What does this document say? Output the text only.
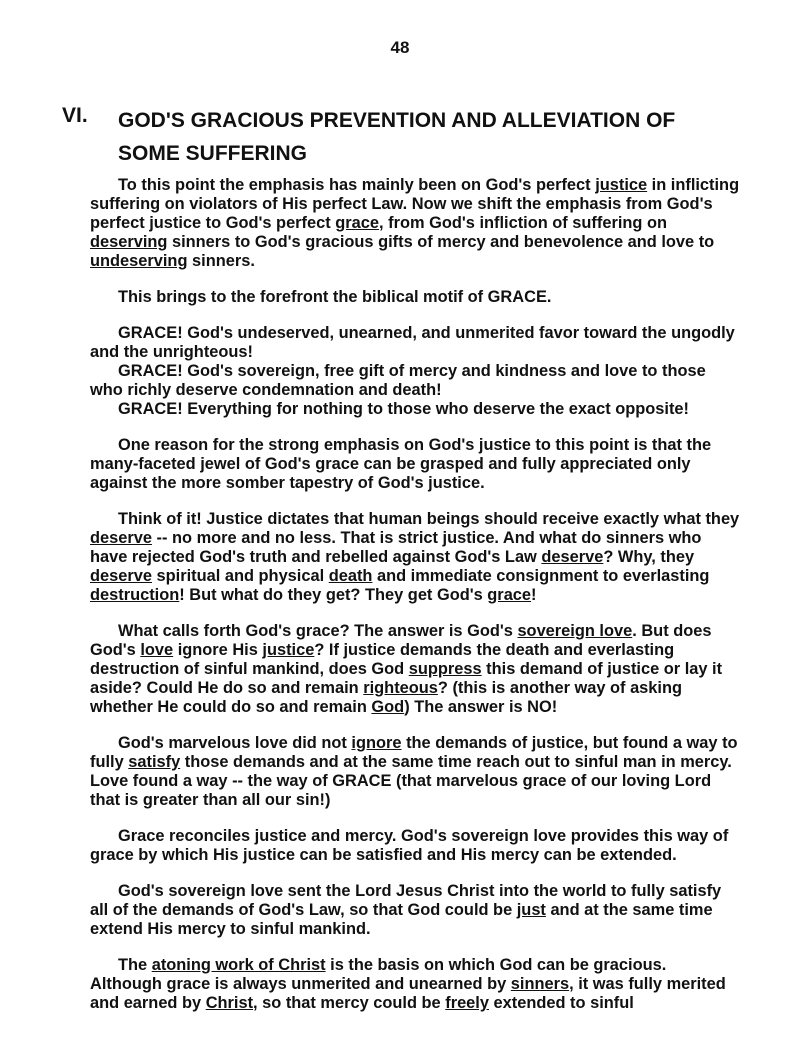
48
VI. GOD'S GRACIOUS PREVENTION AND ALLEVIATION OF
SOME SUFFERING

To this point the emphasis has mainly been on God's perfect justice in inflicting suffering on violators of His perfect Law. Now we shift the emphasis from God's perfect justice to God's perfect grace, from God's infliction of suffering on deserving sinners to God's gracious gifts of mercy and benevolence and love to undeserving sinners.

This brings to the forefront the biblical motif of GRACE.

GRACE! God's undeserved, unearned, and unmerited favor toward the ungodly and the unrighteous!

GRACE! God's sovereign, free gift of mercy and kindness and love to those who richly deserve condemnation and death!

GRACE! Everything for nothing to those who deserve the exact opposite!

One reason for the strong emphasis on God's justice to this point is that the many-faceted jewel of God's grace can be grasped and fully appreciated only against the more somber tapestry of God's justice.

Think of it! Justice dictates that human beings should receive exactly what they deserve -- no more and no less. That is strict justice. And what do sinners who have rejected God's truth and rebelled against God's Law deserve? Why, they deserve spiritual and physical death and immediate consignment to everlasting destruction! But what do they get? They get God's grace!

What calls forth God's grace? The answer is God's sovereign love. But does God's love ignore His justice? If justice demands the death and everlasting destruction of sinful mankind, does God suppress this demand of justice or lay it aside? Could He do so and remain righteous? (this is another way of asking whether He could do so and remain God) The answer is NO!

God's marvelous love did not ignore the demands of justice, but found a way to fully satisfy those demands and at the same time reach out to sinful man in mercy. Love found a way -- the way of GRACE (that marvelous grace of our loving Lord that is greater than all our sin!)

Grace reconciles justice and mercy. God's sovereign love provides this way of grace by which His justice can be satisfied and His mercy can be extended.

God's sovereign love sent the Lord Jesus Christ into the world to fully satisfy all of the demands of God's Law, so that God could be just and at the same time extend His mercy to sinful mankind.

The atoning work of Christ is the basis on which God can be gracious. Although grace is always unmerited and unearned by sinners, it was fully merited and earned by Christ, so that mercy could be freely extended to sinful
